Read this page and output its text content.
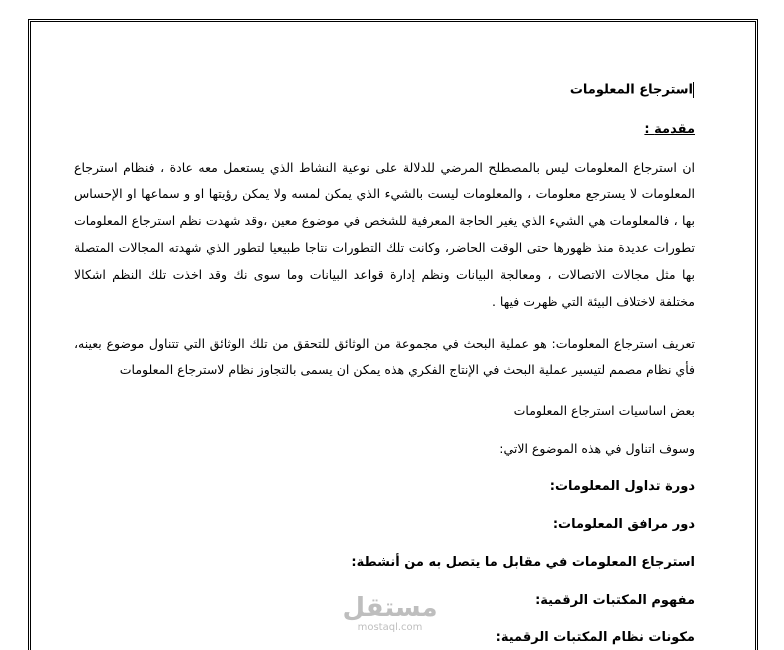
استرجاع المعلومات
مقدمة :
ان استرجاع المعلومات ليس بالمصطلح المرضي للدلالة على نوعية النشاط الذي يستعمل معه عادة ، فنظام استرجاع
المعلومات لا يسترجع معلومات ، والمعلومات ليست بالشيء الذي يمكن لمسه ولا يمكن رؤيتها او و سماعها او الإحساس
بها ، فالمعلومات هي الشيء الذي يغير الحاجة المعرفية للشخص في موضوع معين ،وقد شهدت نظم استرجاع المعلومات
تطورات عديدة منذ ظهورها حتى الوقت الحاضر، وكانت تلك التطورات نتاجا طبيعيا لتطور الذي شهدته المجالات المتصلة
بها مثل مجالات الاتصالات ، ومعالجة البيانات ونظم إدارة قواعد البيانات وما سوى نك وقد اخذت تلك النظم اشكالا
مختلفة لاختلاف البيئة التي ظهرت فيها .
تعريف استرجاع المعلومات: هو عملية البحث في مجموعة من الوثائق للتحقق من تلك الوثائق التي تتناول موضوع بعينه،
فأي نظام مصمم لتيسير عملية البحث في الإنتاج الفكري هذه يمكن ان يسمى بالتجاوز نظام لاسترجاع المعلومات
بعض اساسيات استرجاع المعلومات
وسوف اتناول في هذه الموضوع الاتي:
دورة تداول المعلومات:
دور مرافق المعلومات:
استرجاع المعلومات في مقابل ما يتصل به من أنشطة:
مفهوم المكتبات الرقمية:
مكونات نظام المكتبات الرقمية:
مستقل
mostaql.com
